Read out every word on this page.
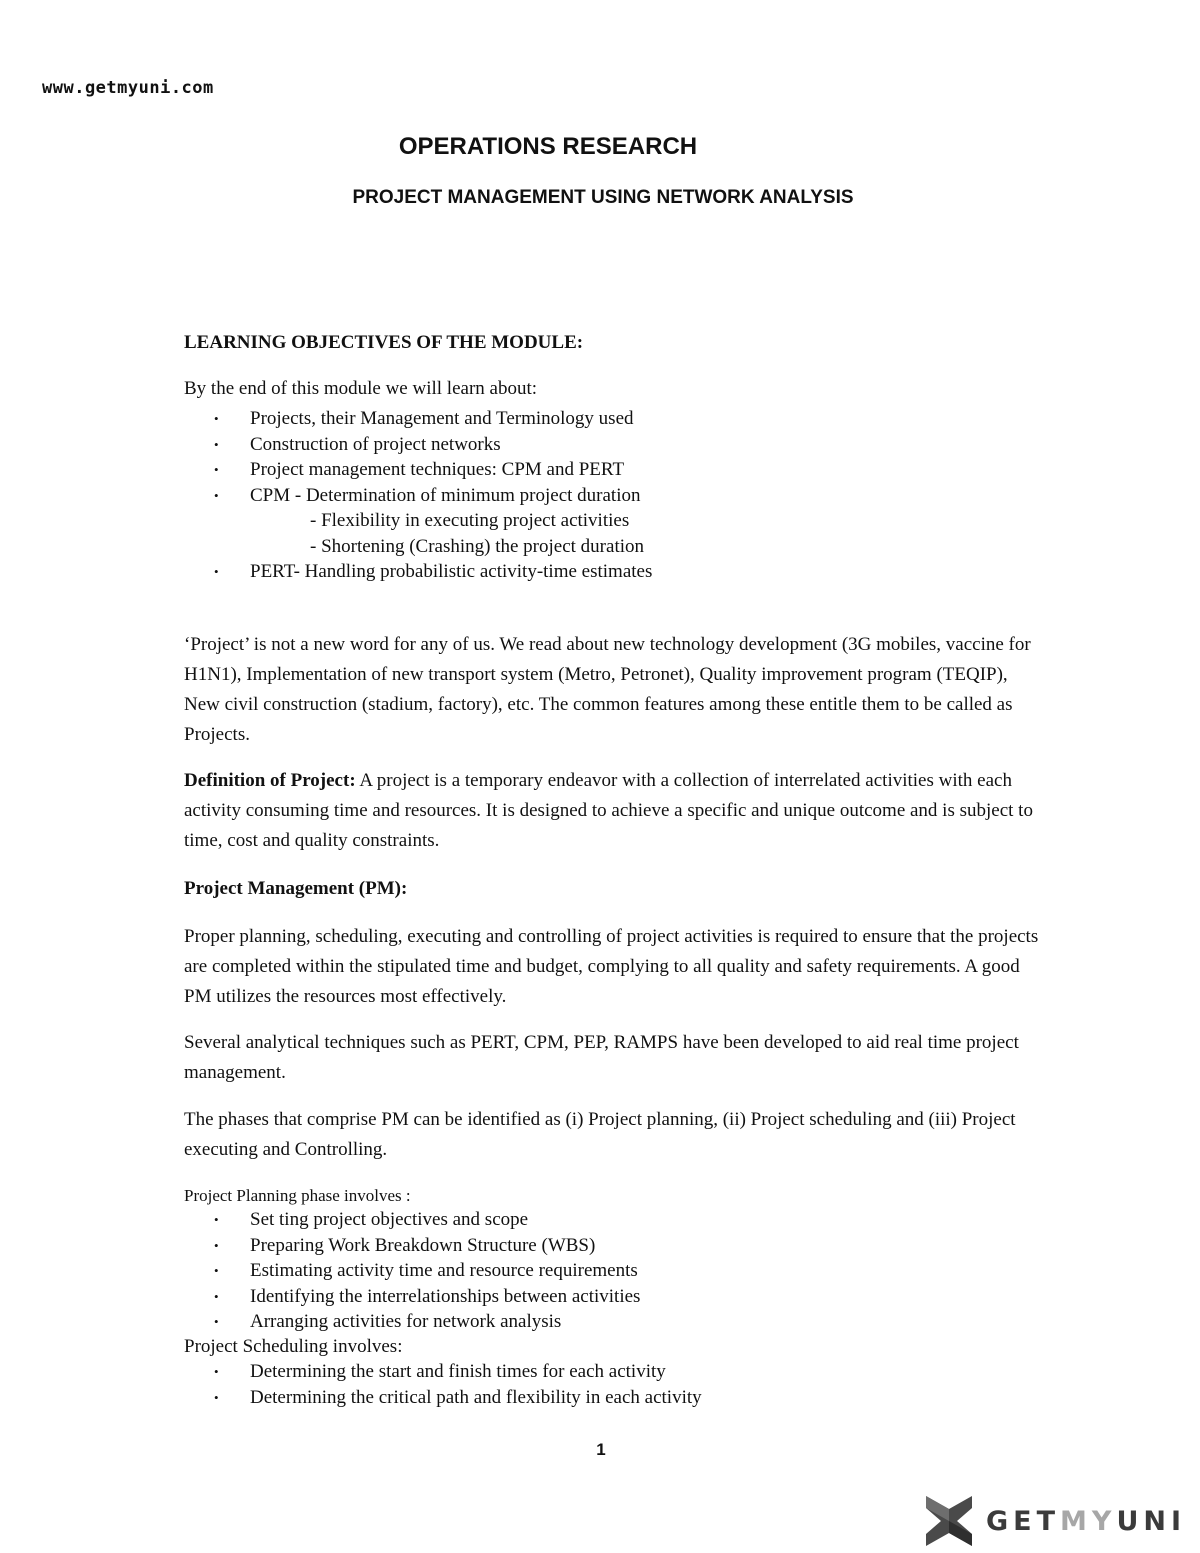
www.getmyuni.com
OPERATIONS RESEARCH
PROJECT MANAGEMENT USING NETWORK ANALYSIS
LEARNING OBJECTIVES OF THE MODULE:
By the end of this module we will learn about:
• Projects, their Management and Terminology used
• Construction of project networks
• Project management techniques: CPM and PERT
• CPM - Determination of minimum project duration
- Flexibility in executing project activities
- Shortening (Crashing) the project duration
• PERT- Handling probabilistic activity-time estimates
‘Project’ is not a new word for any of us. We read about new technology development (3G mobiles, vaccine for H1N1), Implementation of new transport system (Metro, Petronet), Quality improvement program (TEQIP), New civil construction (stadium, factory), etc. The common features among these entitle them to be called as Projects.
Definition of Project: A project is a temporary endeavor with a collection of interrelated activities with each activity consuming time and resources. It is designed to achieve a specific and unique outcome and is subject to time, cost and quality constraints.
Project Management (PM):
Proper planning, scheduling, executing and controlling of project activities is required to ensure that the projects are completed within the stipulated time and budget, complying to all quality and safety requirements. A good PM utilizes the resources most effectively.
Several analytical techniques such as PERT, CPM, PEP, RAMPS have been developed to aid real time project management.
The phases that comprise PM can be identified as (i) Project planning, (ii) Project scheduling and (iii) Project executing and Controlling.
Project Planning phase involves :
• Set ting project objectives and scope
• Preparing Work Breakdown Structure (WBS)
• Estimating activity time and resource requirements
• Identifying the interrelationships between activities
• Arranging activities for network analysis
Project Scheduling involves:
• Determining the start and finish times for each activity
• Determining the critical path and flexibility in each activity
1
GETMYUNI
